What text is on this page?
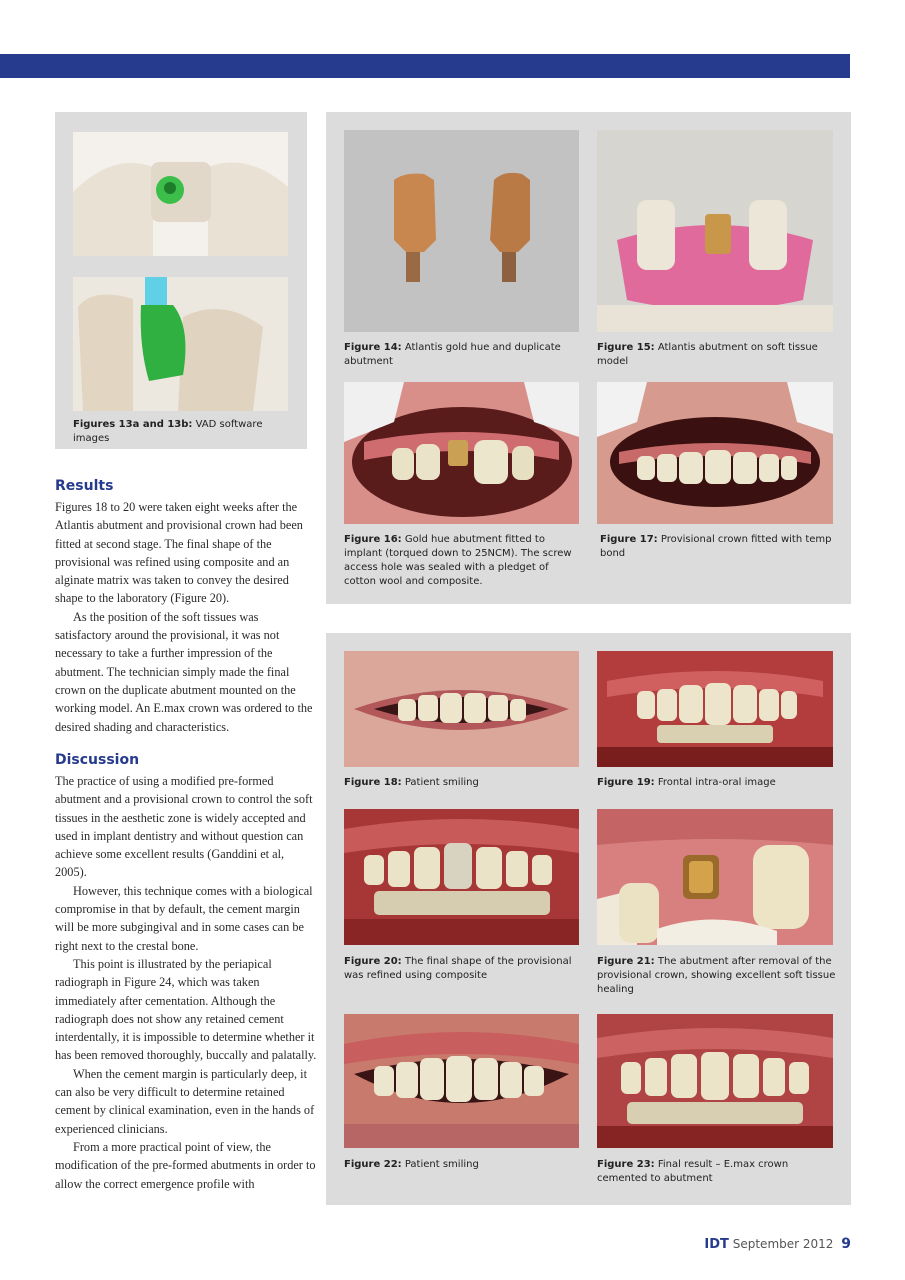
Figures 13a and 13b: VAD software images
Figure 14: Atlantis gold hue and duplicate abutment
Figure 15: Atlantis abutment on soft tissue model
Figure 16: Gold hue abutment fitted to implant (torqued down to 25NCM). The screw access hole was sealed with a pledget of cotton wool and composite.
Figure 17: Provisional crown fitted with temp bond
Figure 18: Patient smiling	Figure 19: Frontal intra-oral image
Figure 20: The final shape of the provisional was refined using composite
Figure 21: The abutment after removal of the provisional crown, showing excellent soft tissue healing
Figure 22: Patient smiling	Figure 23: Final result – E.max crown cemented to abutment
Results

Figures 18 to 20 were taken eight weeks after the Atlantis abutment and provisional crown had been fitted at second stage. The final shape of the provisional was refined using composite and an alginate matrix was taken to convey the desired shape to the laboratory (Figure 20).

As the position of the soft tissues was satisfactory around the provisional, it was not necessary to take a further impression of the abutment. The technician simply made the final crown on the duplicate abutment mounted on the working model. An E.max crown was ordered to the desired shading and characteristics.

Discussion

The practice of using a modified pre-formed abutment and a provisional crown to control the soft tissues in the aesthetic zone is widely accepted and used in implant dentistry and without question can achieve some excellent results (Ganddini et al, 2005).

However, this technique comes with a biological compromise in that by default, the cement margin will be more subgingival and in some cases can be right next to the crestal bone.

This point is illustrated by the periapical radiograph in Figure 24, which was taken immediately after cementation. Although the radiograph does not show any retained cement interdentally, it is impossible to determine whether it has been removed thoroughly, buccally and palatally.

When the cement margin is particularly deep, it can also be very difficult to determine retained cement by clinical examination, even in the hands of experienced clinicians.

From a more practical point of view, the modification of the pre-formed abutments in order to allow the correct emergence profile with

IDT September 2012 9
